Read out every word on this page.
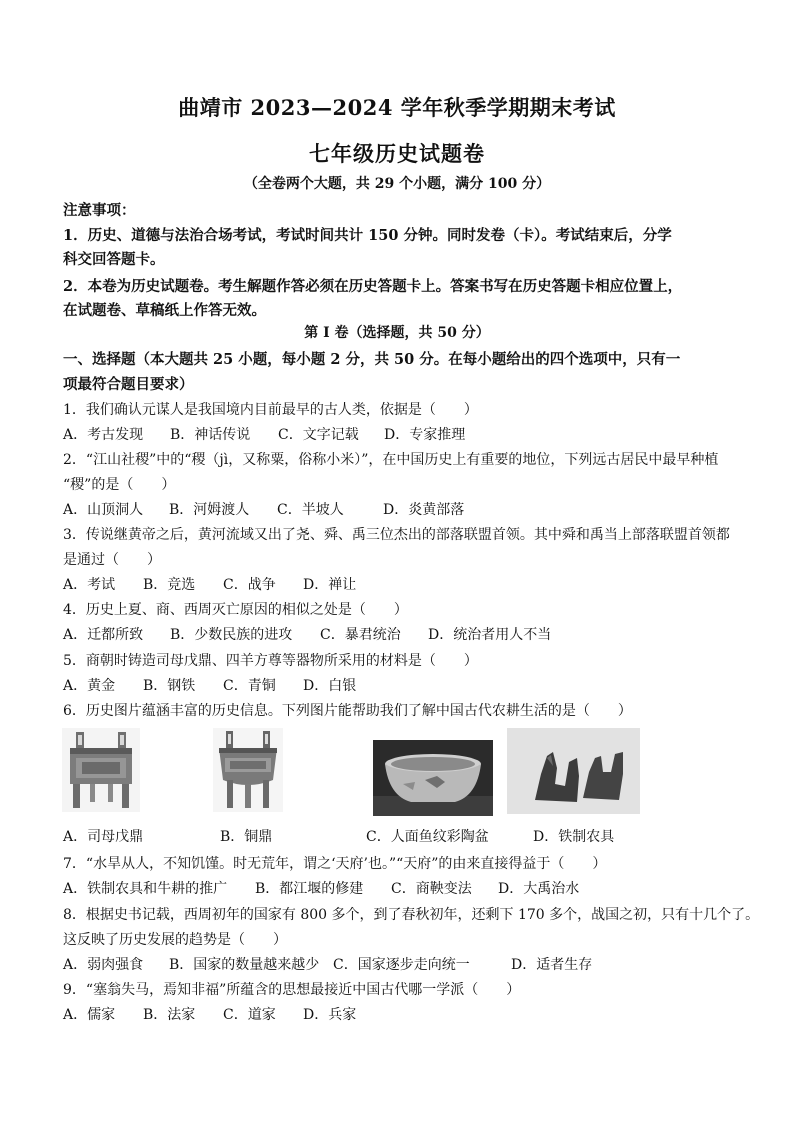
曲靖市 2023—2024 学年秋季学期期末考试
七年级历史试题卷
（全卷两个大题，共 29 个小题，满分 100 分）
注意事项：
1．历史、道德与法治合场考试，考试时间共计 150 分钟。同时发卷（卡）。考试结束后，分学
科交回答题卡。
2．本卷为历史试题卷。考生解题作答必须在历史答题卡上。答案书写在历史答题卡相应位置上，
在试题卷、草稿纸上作答无效。
第 I 卷（选择题，共 50 分）
一、选择题（本大题共 25 小题，每小题 2 分，共 50 分。在每小题给出的四个选项中，只有一
项最符合题目要求）
1．我们确认元谋人是我国境内目前最早的古人类，依据是（　　）
A．考古发现 B．神话传说 C．文字记载 D．专家推理
2．“江山社稷”中的“稷（jì，又称粟，俗称小米）”，在中国历史上有重要的地位，下列远古居民中最早种植
“稷”的是（　　）
A．山顶洞人 B．河姆渡人 C．半坡人	D．炎黄部落
3．传说继黄帝之后，黄河流域又出了尧、舜、禹三位杰出的部落联盟首领。其中舜和禹当上部落联盟首领都
是通过（　　）
A．考试 B．竞选 C．战争 D．禅让
4．历史上夏、商、西周灭亡原因的相似之处是（　　）
A．迁都所致 B．少数民族的进攻 C．暴君统治 D．统治者用人不当
5．商朝时铸造司母戊鼎、四羊方尊等器物所采用的材料是（　　）
A．黄金 B．钢铁 C．青铜 D．白银
6．历史图片蕴涵丰富的历史信息。下列图片能帮助我们了解中国古代农耕生活的是（　　）
A．司母戊鼎	B．铜鼎	C．人面鱼纹彩陶盆	D．铁制农具
7．“水旱从人，不知饥馑。时无荒年，谓之‘天府’也。”“天府”的由来直接得益于（　　）
A．铁制农具和牛耕的推广 B．都江堰的修建 C．商鞅变法 D．大禹治水
8．根据史书记载，西周初年的国家有 800 多个，到了春秋初年，还剩下 170 多个，战国之初，只有十几个了。
这反映了历史发展的趋势是（　　）
A．弱肉强食 B．国家的数量越来越少 C．国家逐步走向统一	D．适者生存
9．“塞翁失马，焉知非福”所蕴含的思想最接近中国古代哪一学派（　　）
A．儒家 B．法家 C．道家 D．兵家
